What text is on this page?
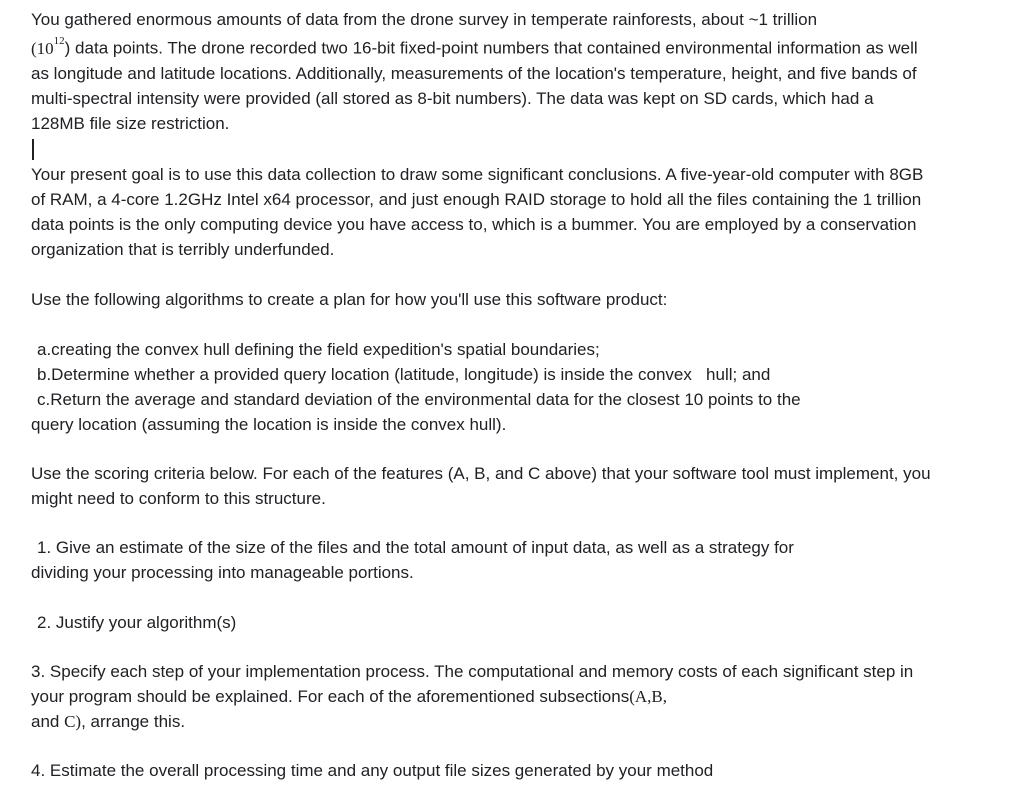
You gathered enormous amounts of data from the drone survey in temperate rainforests, about ~1 trillion
$(10^{12})$ data points. The drone recorded two 16-bit fixed-point numbers that contained environmental information as well as longitude and latitude locations. Additionally, measurements of the location's temperature, height, and five bands of multi-spectral intensity were provided (all stored as 8-bit numbers). The data was kept on SD cards, which had a 128MB file size restriction.

Your present goal is to use this data collection to draw some significant conclusions. A five-year-old computer with 8GB of RAM, a 4-core 1.2GHz Intel x64 processor, and just enough RAID storage to hold all the files containing the 1 trillion data points is the only computing device you have access to, which is a bummer. You are employed by a conservation organization that is terribly underfunded.

Use the following algorithms to create a plan for how you'll use this software product:

a.creating the convex hull defining the field expedition's spatial boundaries;
b.Determine whether a provided query location (latitude, longitude) is inside the convex   hull; and
c.Return the average and standard deviation of the environmental data for the closest 10 points to the
query location (assuming the location is inside the convex hull).

Use the scoring criteria below. For each of the features (A, B, and C above) that your software tool must implement, you might need to conform to this structure.

1. Give an estimate of the size of the files and the total amount of input data, as well as a strategy for
dividing your processing into manageable portions.
2. Justify your algorithm(s)

3. Specify each step of your implementation process. The computational and memory costs of each significant step in your program should be explained. For each of the aforementioned subsections(A,B,
and C), arrange this.

4. Estimate the overall processing time and any output file sizes generated by your method
